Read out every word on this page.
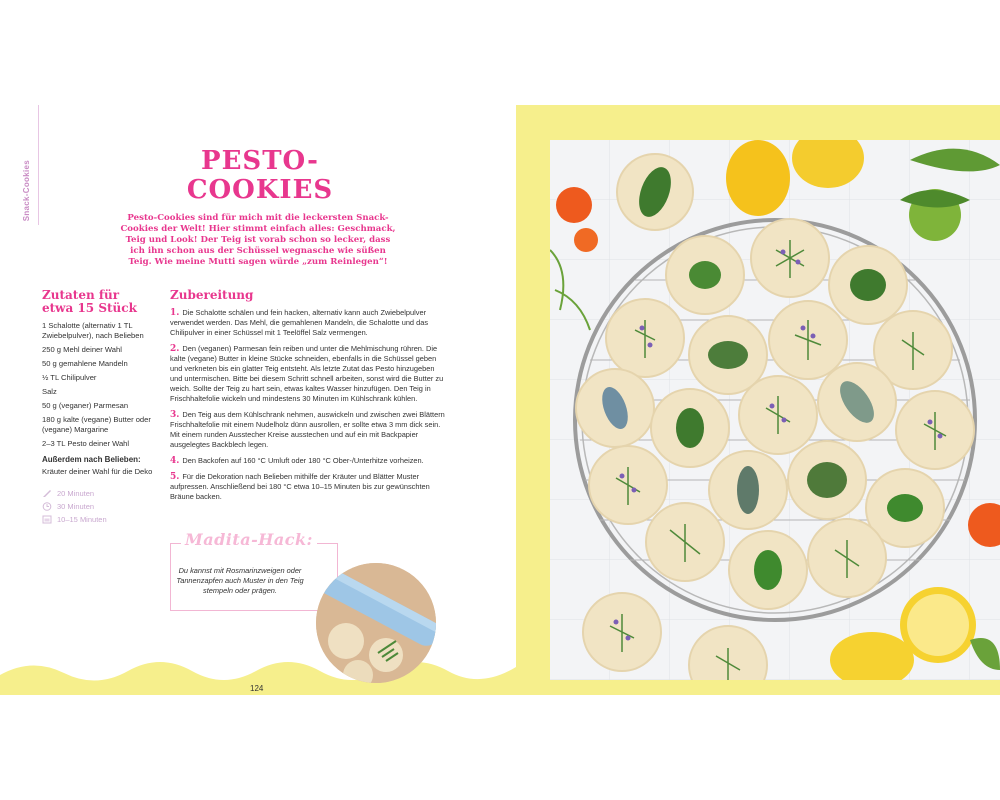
Snack-Cookies	PESTO-
COOKIES
Pesto-Cookies sind für mich mit die leckersten Snack-Cookies der Welt! Hier stimmt einfach alles: Geschmack, Teig und Look! Der Teig ist vorab schon so lecker, dass ich ihn schon aus der Schüssel wegnasche wie süßen Teig. Wie meine Mutti sagen würde „zum Reinlegen“!

Zutaten für
etwa 15 Stück

1 Schalotte (alternativ 1 TL Zwiebelpulver), nach Belieben
250 g Mehl deiner Wahl
50 g gemahlene Mandeln
½ TL Chilipulver
Salz
50 g (veganer) Parmesan
180 g kalte (vegane) Butter oder (vegane) Margarine
2–3 TL Pesto deiner Wahl
Außerdem nach Belieben:
Kräuter deiner Wahl für die Deko
20 Minuten
30 Minuten
10–15 Minuten

Zubereitung

1. Die Schalotte schälen und fein hacken, alternativ kann auch Zwiebelpulver verwendet werden. Das Mehl, die gemahlenen Mandeln, die Schalotte und das Chilipulver in einer Schüssel mit 1 Teelöffel Salz vermengen.

2. Den (veganen) Parmesan fein reiben und unter die Mehlmischung rühren. Die kalte (vegane) Butter in kleine Stücke schneiden, ebenfalls in die Schüssel geben und verkneten bis ein glatter Teig entsteht. Als letzte Zutat das Pesto hinzugeben und untermischen. Bitte bei diesem Schritt schnell arbeiten, sonst wird die Butter zu weich. Sollte der Teig zu hart sein, etwas kaltes Wasser hinzufügen. Den Teig in Frischhaltefolie wickeln und mindestens 30 Minuten im Kühlschrank kühlen.

3. Den Teig aus dem Kühlschrank nehmen, auswickeln und zwischen zwei Blättern Frischhaltefolie mit einem Nudelholz dünn ausrollen, er sollte etwa 3 mm dick sein. Mit einem runden Ausstecher Kreise ausstechen und auf ein mit Backpapier ausgelegtes Backblech legen.

4. Den Backofen auf 160 °C Umluft oder 180 °C Ober-/Unterhitze vorheizen.

5. Für die Dekoration nach Belieben mithilfe der Kräuter und Blätter Muster aufpressen. Anschließend bei 180 °C etwa 10–15 Minuten bis zur gewünschten Bräune backen.

Madita-Hack:
Du kannst mit Rosmarinzweigen oder Tannenzapfen auch Muster in den Teig stempeln oder prägen.
124
